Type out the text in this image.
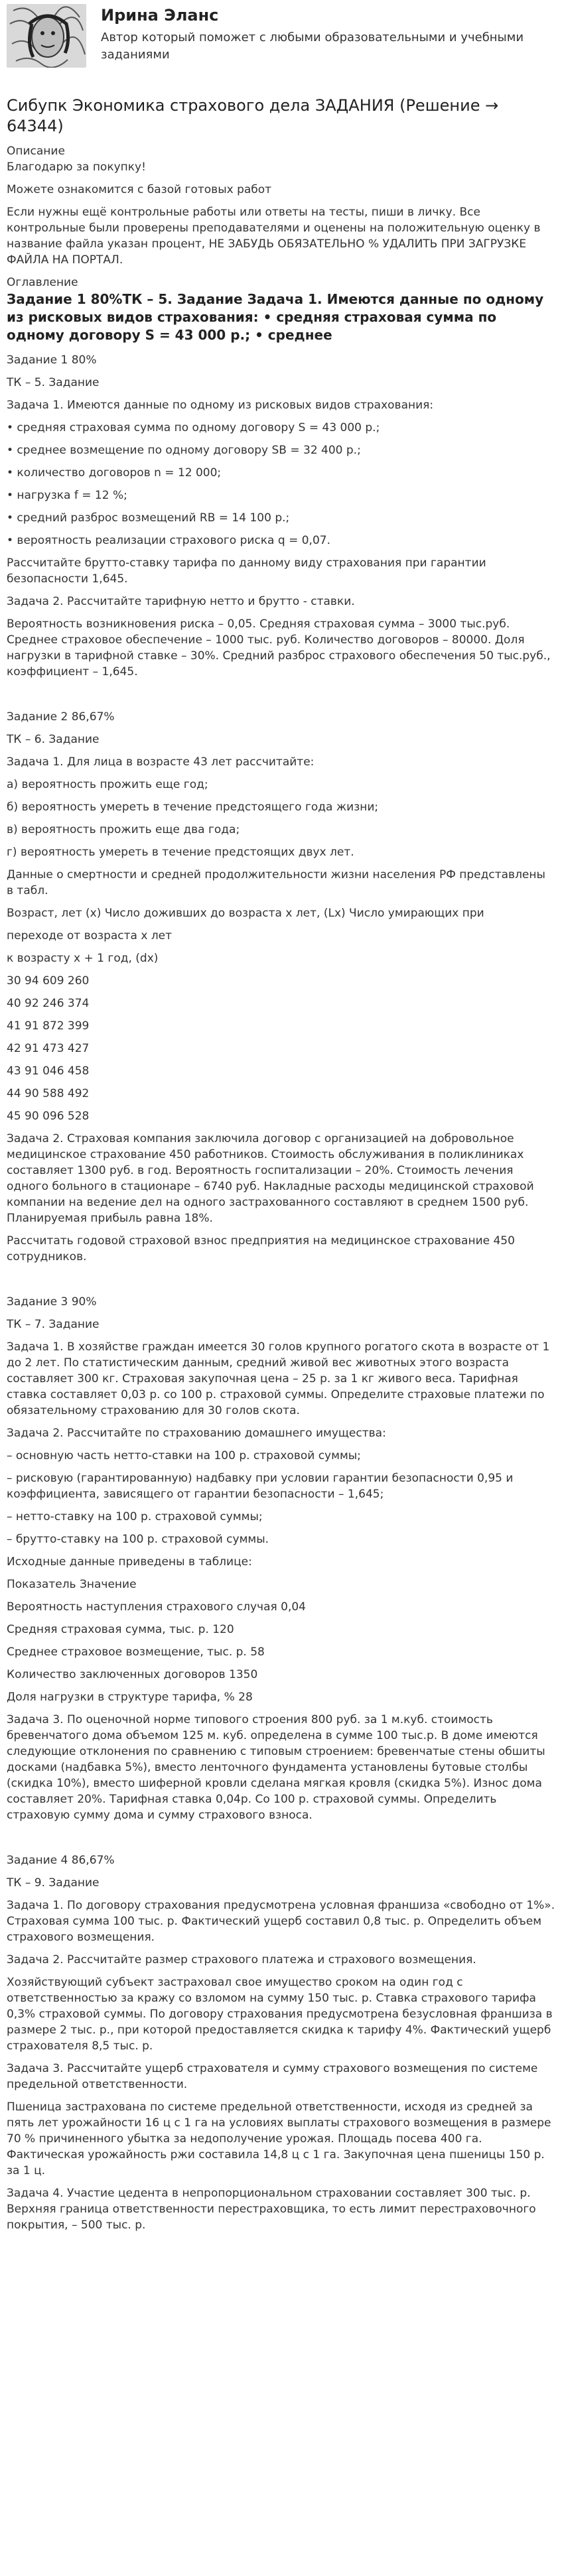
Ирина Эланс
Автор который поможет с любыми образовательными и учебными заданиями
Сибупк Экономика страхового дела ЗАДАНИЯ (Решение → 64344)
Описание

Благодарю за покупку!

Можете ознакомится с базой готовых работ

Если нужны ещё контрольные работы или ответы на тесты, пиши в личку. Все контрольные были проверены преподавателями и оценены на положительную оценку в название файла указан процент, НЕ ЗАБУДЬ ОБЯЗАТЕЛЬНО % УДАЛИТЬ ПРИ ЗАГРУЗКЕ ФАЙЛА НА ПОРТАЛ.

Оглавление
Задание 1 80%ТК – 5. Задание Задача 1. Имеются данные по одному из рисковых видов страхования: • средняя страховая сумма по одному договору S = 43 000 р.; • среднее

Задание 1 80%

ТК – 5. Задание

Задача 1. Имеются данные по одному из рисковых видов страхования:

• средняя страховая сумма по одному договору S = 43 000 р.;

• среднее возмещение по одному договору SB = 32 400 р.;

• количество договоров n = 12 000;

• нагрузка f = 12 %;

• средний разброс возмещений RB = 14 100 р.;

• вероятность реализации страхового риска q = 0,07.

Рассчитайте брутто-ставку тарифа по данному виду страхования при гарантии безопасности 1,645.

Задача 2. Рассчитайте тарифную нетто и брутто - ставки.

Вероятность возникновения риска – 0,05. Средняя страховая сумма – 3000 тыс.руб. Среднее страховое обеспечение – 1000 тыс. руб. Количество договоров – 80000. Доля нагрузки в тарифной ставке – 30%. Средний разброс страхового обеспечения 50 тыс.руб., коэффициент – 1,645.

Задание 2 86,67%

ТК – 6. Задание

Задача 1. Для лица в возрасте 43 лет рассчитайте:

а) вероятность прожить еще год;

б) вероятность умереть в течение предстоящего года жизни;

в) вероятность прожить еще два года;

г) вероятность умереть в течение предстоящих двух лет.

Данные о смертности и средней продолжительности жизни населения РФ представлены в табл.

Возраст, лет (x) Число доживших до возраста x лет, (Lx) Число умирающих при

переходе от возраста x лет

к возрасту x + 1 год, (dx)

30 94 609 260

40 92 246 374

41 91 872 399

42 91 473 427

43 91 046 458

44 90 588 492

45 90 096 528

Задача 2. Страховая компания заключила договор с организацией на добровольное медицинское страхование 450 работников. Стоимость обслуживания в поликлиниках составляет 1300 руб. в год. Вероятность госпитализации – 20%. Стоимость лечения одного больного в стационаре – 6740 руб. Накладные расходы медицинской страховой компании на ведение дел на одного застрахованного составляют в среднем 1500 руб. Планируемая прибыль равна 18%.

Рассчитать годовой страховой взнос предприятия на медицинское страхование 450 сотрудников.

Задание 3 90%

ТК – 7. Задание

Задача 1. В хозяйстве граждан имеется 30 голов крупного рогатого скота в возрасте от 1 до 2 лет. По статистическим данным, средний живой вес животных этого возраста составляет 300 кг. Страховая закупочная цена – 25 р. за 1 кг живого веса. Тарифная ставка составляет 0,03 р. со 100 р. страховой суммы. Определите страховые платежи по обязательному страхованию для 30 голов скота.

Задача 2. Рассчитайте по страхованию домашнего имущества:

– основную часть нетто-ставки на 100 р. страховой суммы;

– рисковую (гарантированную) надбавку при условии гарантии безопасности 0,95 и коэффициента, зависящего от гарантии безопасности – 1,645;

– нетто-ставку на 100 р. страховой суммы;

– брутто-ставку на 100 р. страховой суммы.

Исходные данные приведены в таблице:

Показатель Значение

Вероятность наступления страхового случая 0,04

Средняя страховая сумма, тыс. р. 120

Среднее страховое возмещение, тыс. р. 58

Количество заключенных договоров 1350

Доля нагрузки в структуре тарифа, % 28

Задача 3. По оценочной норме типового строения 800 руб. за 1 м.куб. стоимость бревенчатого дома объемом 125 м. куб. определена в сумме 100 тыс.р. В доме имеются следующие отклонения по сравнению с типовым строением: бревенчатые стены обшиты досками (надбавка 5%), вместо ленточного фундамента установлены бутовые столбы (скидка 10%), вместо шиферной кровли сделана мягкая кровля (скидка 5%). Износ дома составляет 20%. Тарифная ставка 0,04р. Со 100 р. страховой суммы. Определить страховую сумму дома и сумму страхового взноса.

Задание 4 86,67%

ТК – 9. Задание

Задача 1. По договору страхования предусмотрена условная франшиза «свободно от 1%». Страховая сумма 100 тыс. р. Фактический ущерб составил 0,8 тыс. р. Определить объем страхового возмещения.

Задача 2. Рассчитайте размер страхового платежа и страхового возмещения.

Хозяйствующий субъект застраховал свое имущество сроком на один год с ответственностью за кражу со взломом на сумму 150 тыс. р. Ставка страхового тарифа 0,3% страховой суммы. По договору страхования предусмотрена безусловная франшиза в размере 2 тыс. р., при которой предоставляется скидка к тарифу 4%. Фактический ущерб страхователя 8,5 тыс. р.

Задача 3. Рассчитайте ущерб страхователя и сумму страхового возмещения по системе предельной ответственности.

Пшеница застрахована по системе предельной ответственности, исходя из средней за пять лет урожайности 16 ц с 1 га на условиях выплаты страхового возмещения в размере 70 % причиненного убытка за недополучение урожая. Площадь посева 400 га. Фактическая урожайность ржи составила 14,8 ц с 1 га. Закупочная цена пшеницы 150 р. за 1 ц.

Задача 4. Участие цедента в непропорциональном страховании составляет 300 тыс. р. Верхняя граница ответственности перестраховщика, то есть лимит перестраховочного покрытия, – 500 тыс. р.
